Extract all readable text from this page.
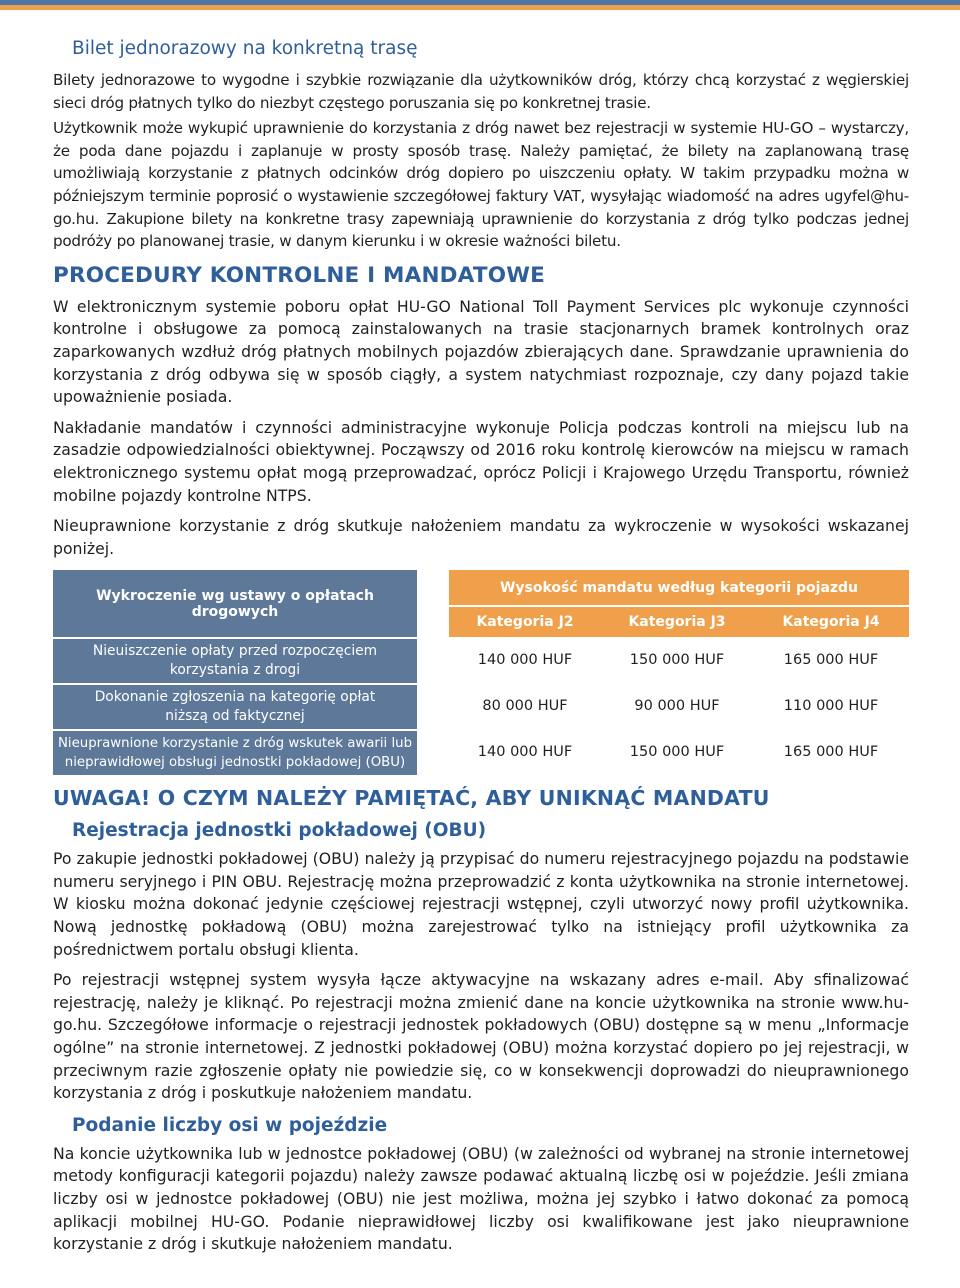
Bilet jednorazowy na konkretną trasę

Bilety jednorazowe to wygodne i szybkie rozwiązanie dla użytkowników dróg, którzy chcą korzystać z węgierskiej sieci dróg płatnych tylko do niezbyt częstego poruszania się po konkretnej trasie.

Użytkownik może wykupić uprawnienie do korzystania z dróg nawet bez rejestracji w systemie HU-GO – wystarczy, że poda dane pojazdu i zaplanuje w prosty sposób trasę. Należy pamiętać, że bilety na zaplanowaną trasę umożliwiają korzystanie z płatnych odcinków dróg dopiero po uiszczeniu opłaty. W takim przypadku można w późniejszym terminie poprosić o wystawienie szczegółowej faktury VAT, wysyłając wiadomość na adres ugyfel@hu-go.hu. Zakupione bilety na konkretne trasy zapewniają uprawnienie do korzystania z dróg tylko podczas jednej podróży po planowanej trasie, w danym kierunku i w okresie ważności biletu.

PROCEDURY KONTROLNE I MANDATOWE

W elektronicznym systemie poboru opłat HU-GO National Toll Payment Services plc wykonuje czynności kontrolne i obsługowe za pomocą zainstalowanych na trasie stacjonarnych bramek kontrolnych oraz zaparkowanych wzdłuż dróg płatnych mobilnych pojazdów zbierających dane. Sprawdzanie uprawnienia do korzystania z dróg odbywa się w sposób ciągły, a system natychmiast rozpoznaje, czy dany pojazd takie upoważnienie posiada.

Nakładanie mandatów i czynności administracyjne wykonuje Policja podczas kontroli na miejscu lub na zasadzie odpowiedzialności obiektywnej. Począwszy od 2016 roku kontrolę kierowców na miejscu w ramach elektronicznego systemu opłat mogą przeprowadzać, oprócz Policji i Krajowego Urzędu Transportu, również mobilne pojazdy kontrolne NTPS.

Nieuprawnione korzystanie z dróg skutkuje nałożeniem mandatu za wykroczenie w wysokości wskazanej poniżej.

Wykroczenie wg ustawy o opłatach drogowych		Wysokość mandatu według kategorii pojazdu		
		Kategoria J2	Kategoria J3	Kategoria J4
Nieuiszczenie opłaty przed rozpoczęciem korzystania z drogi		140 000 HUF	150 000 HUF	165 000 HUF
Dokonanie zgłoszenia na kategorię opłat niższą od faktycznej		80 000 HUF	90 000 HUF	110 000 HUF
Nieuprawnione korzystanie z dróg wskutek awarii lub nieprawidłowej obsługi jednostki pokładowej (OBU)		140 000 HUF	150 000 HUF	165 000 HUF
UWAGA! O CZYM NALEŻY PAMIĘTAĆ, ABY UNIKNĄĆ MANDATU
Rejestracja jednostki pokładowej (OBU)

Po zakupie jednostki pokładowej (OBU) należy ją przypisać do numeru rejestracyjnego pojazdu na podstawie numeru seryjnego i PIN OBU. Rejestrację można przeprowadzić z konta użytkownika na stronie internetowej. W kiosku można dokonać jedynie częściowej rejestracji wstępnej, czyli utworzyć nowy profil użytkownika. Nową jednostkę pokładową (OBU) można zarejestrować tylko na istniejący profil użytkownika za pośrednictwem portalu obsługi klienta.

Po rejestracji wstępnej system wysyła łącze aktywacyjne na wskazany adres e-mail. Aby sfinalizować rejestrację, należy je kliknąć. Po rejestracji można zmienić dane na koncie użytkownika na stronie www.hu-go.hu. Szczegółowe informacje o rejestracji jednostek pokładowych (OBU) dostępne są w menu „Informacje ogólne” na stronie internetowej. Z jednostki pokładowej (OBU) można korzystać dopiero po jej rejestracji, w przeciwnym razie zgłoszenie opłaty nie powiedzie się, co w konsekwencji doprowadzi do nieuprawnionego korzystania z dróg i poskutkuje nałożeniem mandatu.

Podanie liczby osi w pojeździe

Na koncie użytkownika lub w jednostce pokładowej (OBU) (w zależności od wybranej na stronie internetowej metody konfiguracji kategorii pojazdu) należy zawsze podawać aktualną liczbę osi w pojeździe. Jeśli zmiana liczby osi w jednostce pokładowej (OBU) nie jest możliwa, można jej szybko i łatwo dokonać za pomocą aplikacji mobilnej HU-GO. Podanie nieprawidłowej liczby osi kwalifikowane jest jako nieuprawnione korzystanie z dróg i skutkuje nałożeniem mandatu.
